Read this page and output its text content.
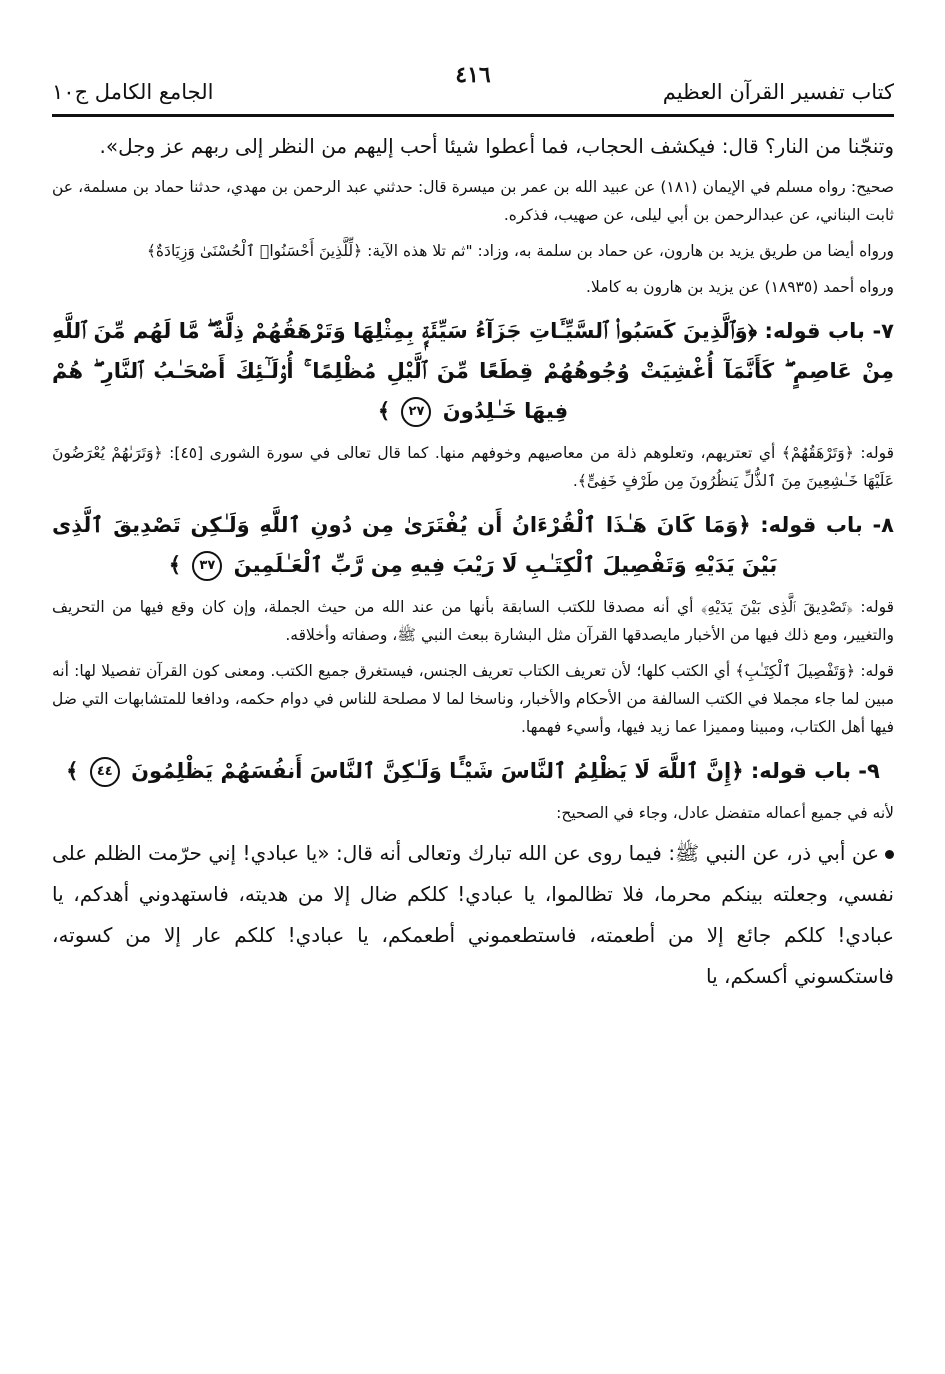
كتاب تفسير القرآن العظيم
٤١٦
الجامع الكامل ج١٠

وتنجّنا من النار؟ قال: فيكشف الحجاب، فما أعطوا شيئا أحب إليهم من النظر إلى ربهم عز وجل».

صحيح: رواه مسلم في الإيمان (١٨١) عن عبيد الله بن عمر بن ميسرة قال: حدثني عبد الرحمن بن مهدي، حدثنا حماد بن مسلمة، عن ثابت البناني، عن عبدالرحمن بن أبي ليلى، عن صهيب، فذكره.

ورواه أيضا من طريق يزيد بن هارون، عن حماد بن سلمة به، وزاد: "ثم تلا هذه الآية: ﴿لِّلَّذِينَ أَحْسَنُوا۟ ٱلْحُسْنَىٰ وَزِيَادَةٌ﴾

ورواه أحمد (١٨٩٣٥) عن يزيد بن هارون به كاملا.

٧- باب قوله: ﴿وَٱلَّذِينَ كَسَبُوا۟ ٱلسَّيِّـَٔاتِ جَزَآءُ سَيِّئَةٍۭ بِمِثْلِهَا وَتَرْهَقُهُمْ ذِلَّةٌ ۖ مَّا لَهُم مِّنَ ٱللَّهِ مِنْ عَاصِمٍ ۖ كَأَنَّمَآ أُغْشِيَتْ وُجُوهُهُمْ قِطَعًا مِّنَ ٱلَّيْلِ مُظْلِمًا ۚ أُو۟لَـٰٓئِكَ أَصْحَـٰبُ ٱلنَّارِ ۖ هُمْ فِيهَا خَـٰلِدُونَ ٢٧ ﴾

قوله: ﴿وَتَرْهَقُهُمْ﴾ أي تعتريهم، وتعلوهم ذلة من معاصيهم وخوفهم منها. كما قال تعالى في سورة الشورى [٤٥]: ﴿وَتَرَىٰهُمْ يُعْرَضُونَ عَلَيْهَا خَـٰشِعِينَ مِنَ ٱلذُّلِّ يَنظُرُونَ مِن طَرْفٍ خَفِىٍّ﴾.

٨- باب قوله: ﴿وَمَا كَانَ هَـٰذَا ٱلْقُرْءَانُ أَن يُفْتَرَىٰ مِن دُونِ ٱللَّهِ وَلَـٰكِن تَصْدِيقَ ٱلَّذِى بَيْنَ يَدَيْهِ وَتَفْصِيلَ ٱلْكِتَـٰبِ لَا رَيْبَ فِيهِ مِن رَّبِّ ٱلْعَـٰلَمِينَ ٣٧ ﴾

قوله: ﴿تَصْدِيقَ ٱلَّذِى بَيْنَ يَدَيْهِ﴾ أي أنه مصدقا للكتب السابقة بأنها من عند الله من حيث الجملة، وإن كان وقع فيها من التحريف والتغيير، ومع ذلك فيها من الأخبار مايصدقها القرآن مثل البشارة ببعث النبي ﷺ، وصفاته وأخلاقه.

قوله: ﴿وَتَفْصِيلَ ٱلْكِتَـٰبِ﴾ أي الكتب كلها؛ لأن تعريف الكتاب تعريف الجنس، فيستغرق جميع الكتب. ومعنى كون القرآن تفصيلا لها: أنه مبين لما جاء مجملا في الكتب السالفة من الأحكام والأخبار، وناسخا لما لا مصلحة للناس في دوام حكمه، ودافعا للمتشابهات التي ضل فيها أهل الكتاب، ومبينا ومميزا عما زيد فيها، وأسيء فهمها.

٩- باب قوله: ﴿إِنَّ ٱللَّهَ لَا يَظْلِمُ ٱلنَّاسَ شَيْـًٔا وَلَـٰكِنَّ ٱلنَّاسَ أَنفُسَهُمْ يَظْلِمُونَ ٤٤ ﴾

لأنه في جميع أعماله متفضل عادل، وجاء في الصحيح:

عن أبي ذر، عن النبي ﷺ: فيما روى عن الله تبارك وتعالى أنه قال: «يا عبادي! إني حرّمت الظلم على نفسي، وجعلته بينكم محرما، فلا تظالموا، يا عبادي! كلكم ضال إلا من هديته، فاستهدوني أهدكم، يا عبادي! كلكم جائع إلا من أطعمته، فاستطعموني أطعمكم، يا عبادي! كلكم عار إلا من كسوته، فاستكسوني أكسكم، يا
